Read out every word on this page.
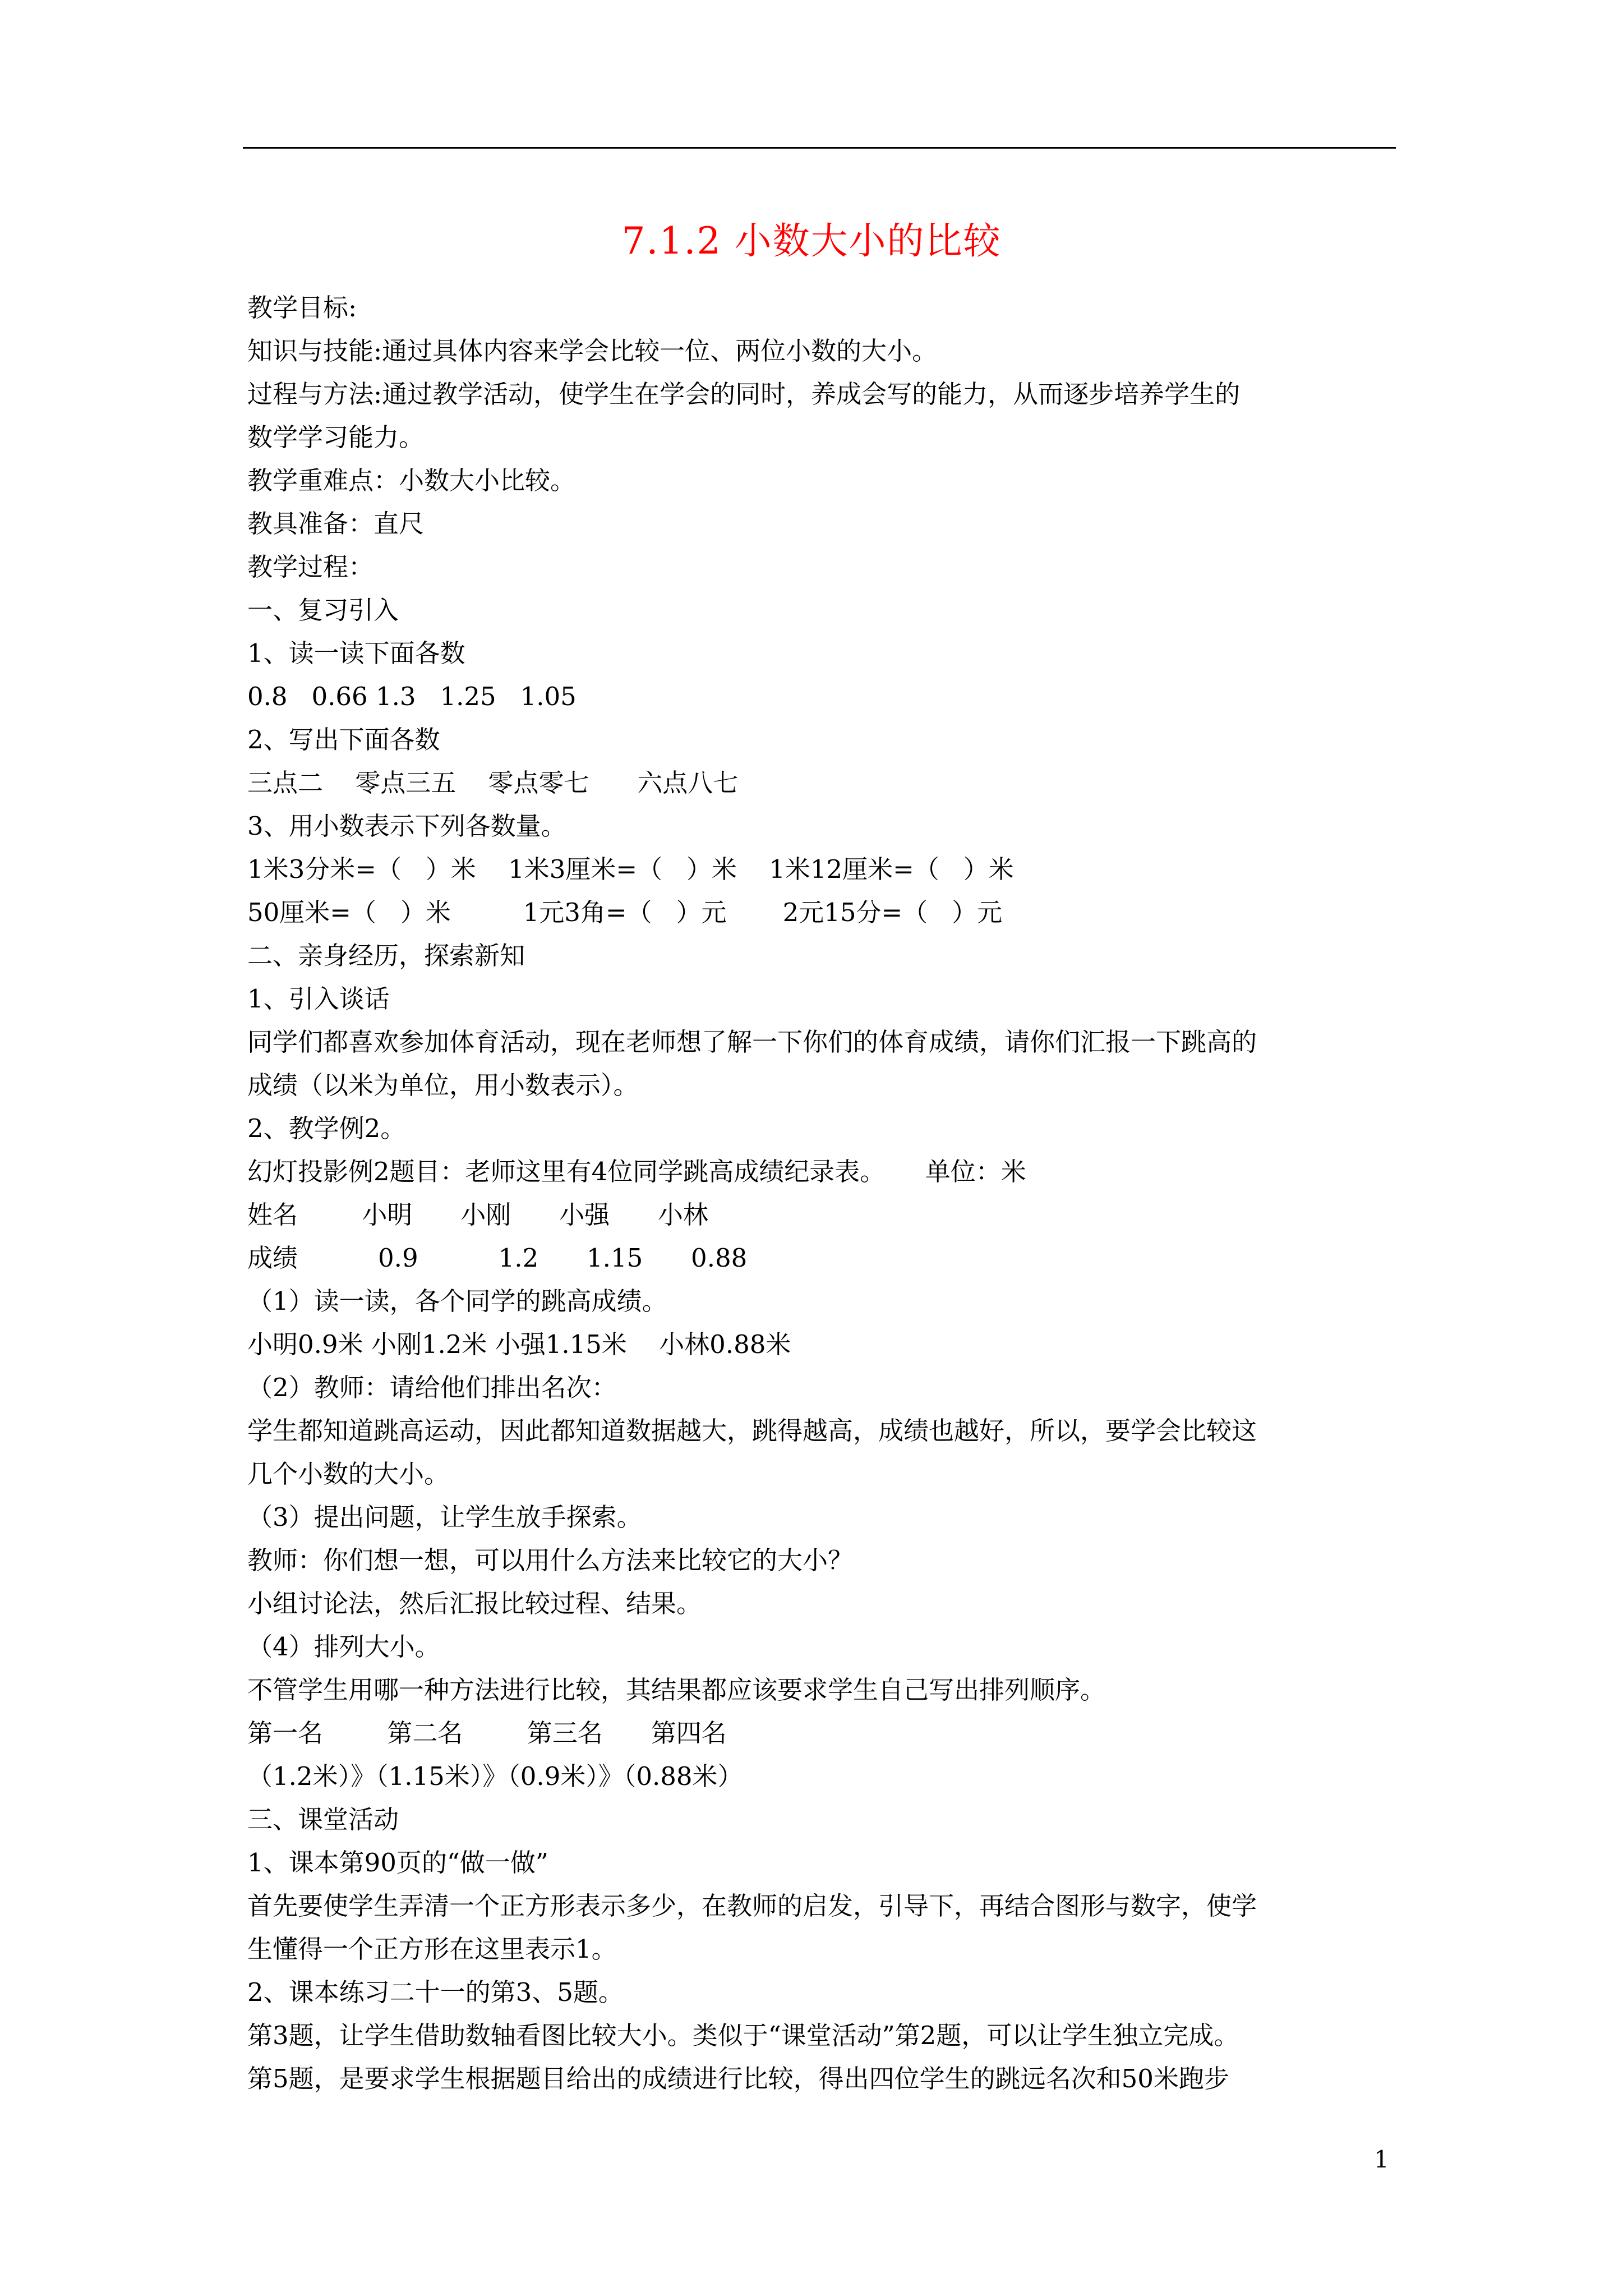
7.1.2 小数大小的比较
教学目标:
知识与技能:通过具体内容来学会比较一位、两位小数的大小。
过程与方法:通过教学活动，使学生在学会的同时，养成会写的能力，从而逐步培养学生的
数学学习能力。
教学重难点：小数大小比较。
教具准备：直尺
教学过程：
一、复习引入
1、读一读下面各数
0.8   0.66 1.3   1.25   1.05
2、写出下面各数
三点二    零点三五    零点零七      六点八七
3、用小数表示下列各数量。
1米3分米=（   ）米    1米3厘米=（   ）米    1米12厘米=（   ）米
50厘米=（   ）米         1元3角=（   ）元       2元15分=（   ）元
二、亲身经历，探索新知
1、引入谈话
同学们都喜欢参加体育活动，现在老师想了解一下你们的体育成绩，请你们汇报一下跳高的
成绩（以米为单位，用小数表示）。
2、教学例2。
幻灯投影例2题目：老师这里有4位同学跳高成绩纪录表。     单位：米
姓名        小明      小刚      小强      小林
成绩          0.9          1.2      1.15      0.88
（1）读一读，各个同学的跳高成绩。
小明0.9米 小刚1.2米 小强1.15米    小林0.88米
（2）教师：请给他们排出名次：
学生都知道跳高运动，因此都知道数据越大，跳得越高，成绩也越好，所以，要学会比较这
几个小数的大小。
（3）提出问题，让学生放手探索。
教师：你们想一想，可以用什么方法来比较它的大小？
小组讨论法，然后汇报比较过程、结果。
（4）排列大小。
不管学生用哪一种方法进行比较，其结果都应该要求学生自己写出排列顺序。
第一名        第二名        第三名      第四名
（1.2米）》（1.15米）》（0.9米）》（0.88米）
三、课堂活动
1、课本第90页的“做一做”
首先要使学生弄清一个正方形表示多少，在教师的启发，引导下，再结合图形与数字，使学
生懂得一个正方形在这里表示1。
2、课本练习二十一的第3、5题。
第3题，让学生借助数轴看图比较大小。类似于“课堂活动”第2题，可以让学生独立完成。
第5题，是要求学生根据题目给出的成绩进行比较，得出四位学生的跳远名次和50米跑步
1
